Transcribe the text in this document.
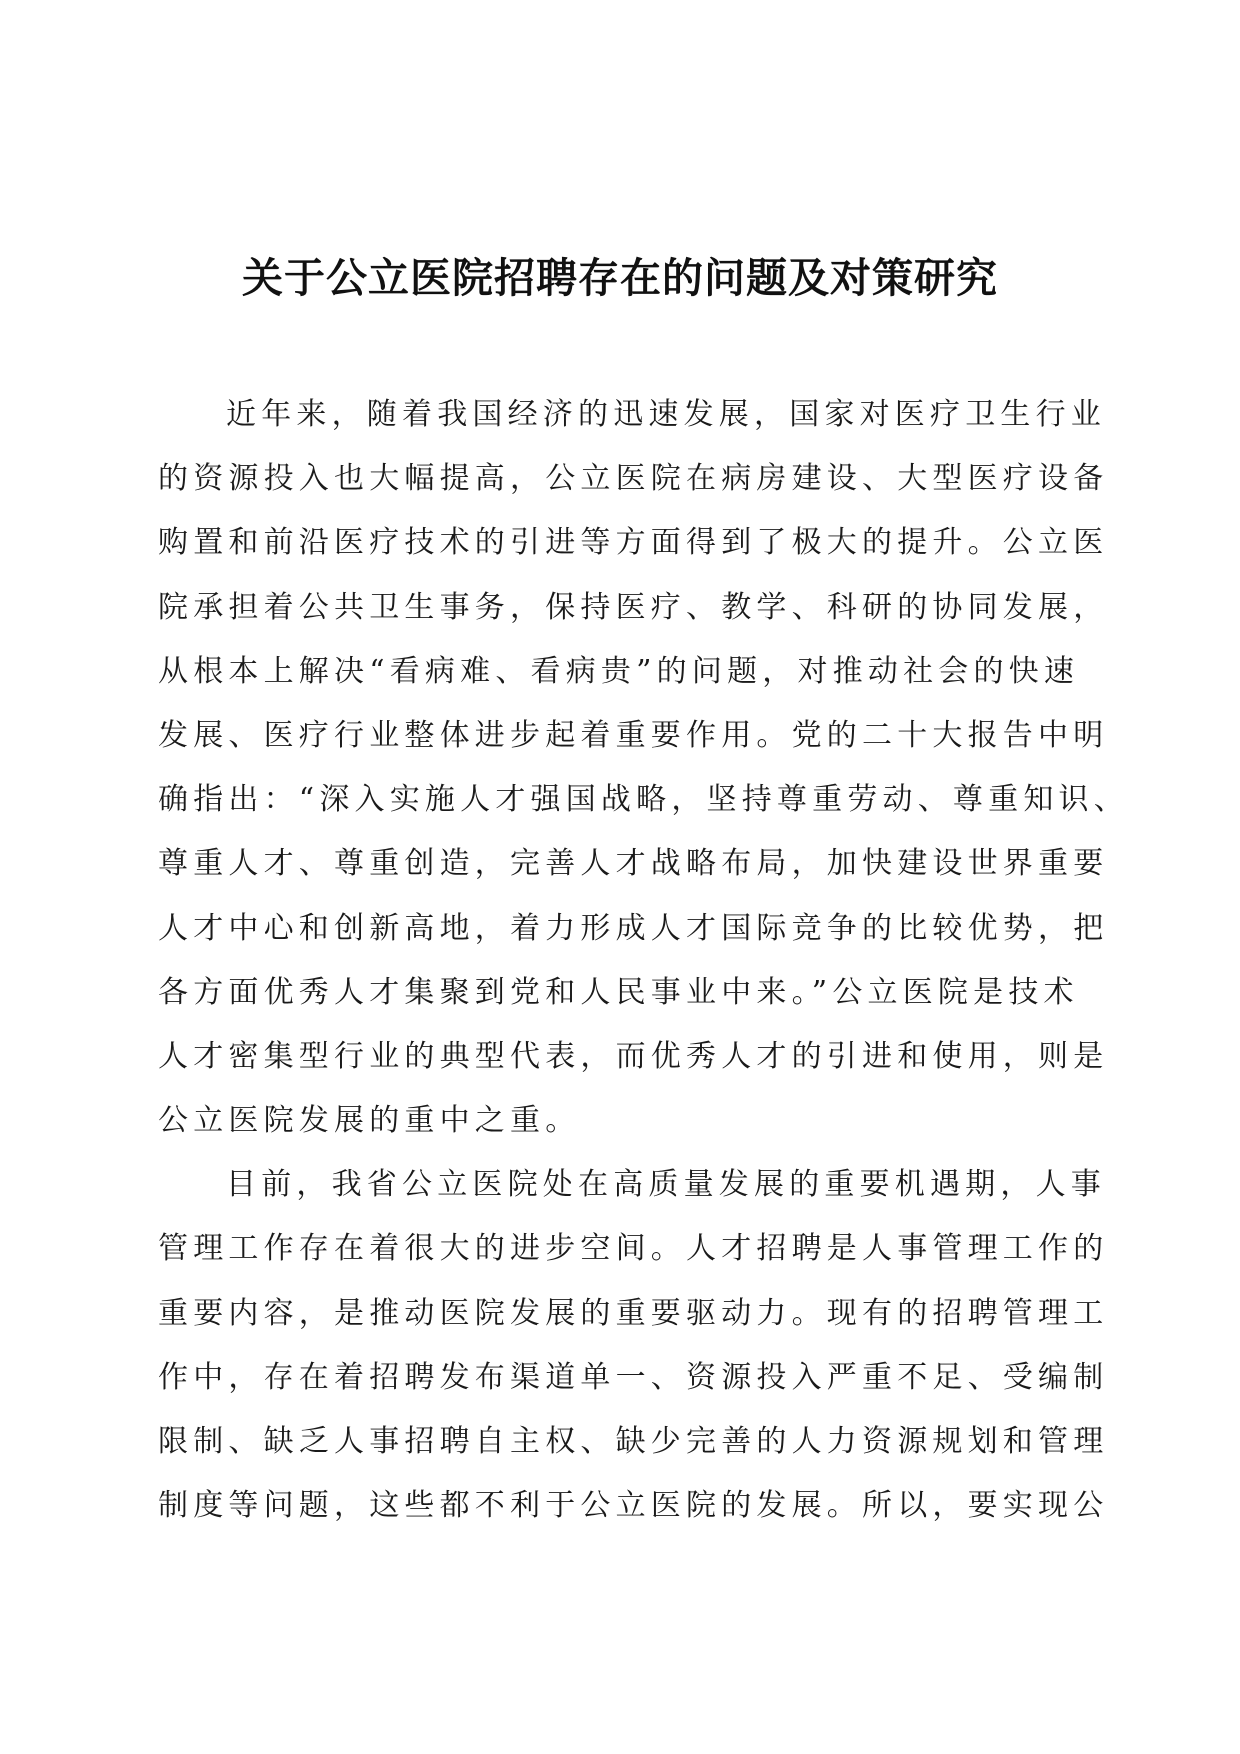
关于公立医院招聘存在的问题及对策研究
近年来，随着我国经济的迅速发展，国家对医疗卫生行业
的资源投入也大幅提高，公立医院在病房建设、大型医疗设备
购置和前沿医疗技术的引进等方面得到了极大的提升。公立医
院承担着公共卫生事务，保持医疗、教学、科研的协同发展，
从根本上解决“看病难、看病贵”的问题，对推动社会的快速
发展、医疗行业整体进步起着重要作用。党的二十大报告中明
确指出：“深入实施人才强国战略，坚持尊重劳动、尊重知识、
尊重人才、尊重创造，完善人才战略布局，加快建设世界重要
人才中心和创新高地，着力形成人才国际竞争的比较优势，把
各方面优秀人才集聚到党和人民事业中来。”公立医院是技术
人才密集型行业的典型代表，而优秀人才的引进和使用，则是
公立医院发展的重中之重。
目前，我省公立医院处在高质量发展的重要机遇期，人事
管理工作存在着很大的进步空间。人才招聘是人事管理工作的
重要内容，是推动医院发展的重要驱动力。现有的招聘管理工
作中，存在着招聘发布渠道单一、资源投入严重不足、受编制
限制、缺乏人事招聘自主权、缺少完善的人力资源规划和管理
制度等问题，这些都不利于公立医院的发展。所以，要实现公
